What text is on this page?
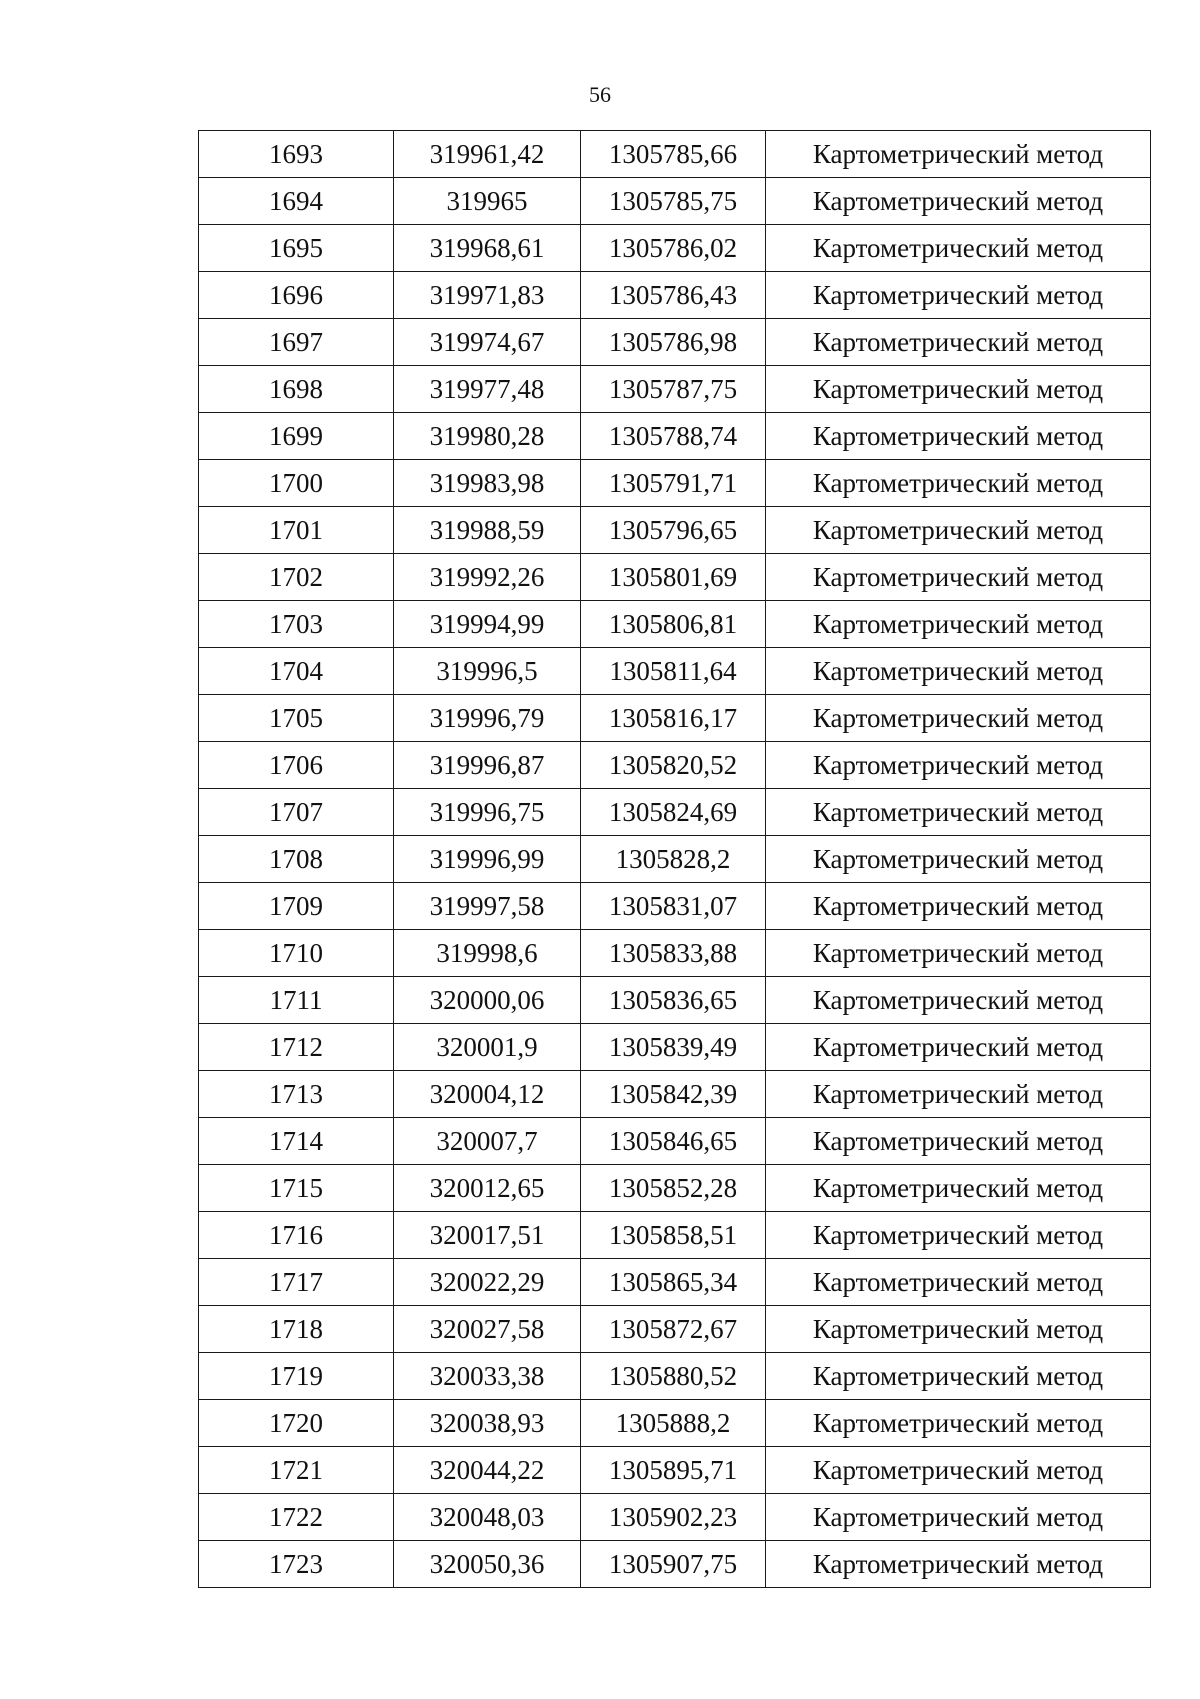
56
1693	319961,42	1305785,66	Картометрический метод
1694	319965	1305785,75	Картометрический метод
1695	319968,61	1305786,02	Картометрический метод
1696	319971,83	1305786,43	Картометрический метод
1697	319974,67	1305786,98	Картометрический метод
1698	319977,48	1305787,75	Картометрический метод
1699	319980,28	1305788,74	Картометрический метод
1700	319983,98	1305791,71	Картометрический метод
1701	319988,59	1305796,65	Картометрический метод
1702	319992,26	1305801,69	Картометрический метод
1703	319994,99	1305806,81	Картометрический метод
1704	319996,5	1305811,64	Картометрический метод
1705	319996,79	1305816,17	Картометрический метод
1706	319996,87	1305820,52	Картометрический метод
1707	319996,75	1305824,69	Картометрический метод
1708	319996,99	1305828,2	Картометрический метод
1709	319997,58	1305831,07	Картометрический метод
1710	319998,6	1305833,88	Картометрический метод
1711	320000,06	1305836,65	Картометрический метод
1712	320001,9	1305839,49	Картометрический метод
1713	320004,12	1305842,39	Картометрический метод
1714	320007,7	1305846,65	Картометрический метод
1715	320012,65	1305852,28	Картометрический метод
1716	320017,51	1305858,51	Картометрический метод
1717	320022,29	1305865,34	Картометрический метод
1718	320027,58	1305872,67	Картометрический метод
1719	320033,38	1305880,52	Картометрический метод
1720	320038,93	1305888,2	Картометрический метод
1721	320044,22	1305895,71	Картометрический метод
1722	320048,03	1305902,23	Картометрический метод
1723	320050,36	1305907,75	Картометрический метод
